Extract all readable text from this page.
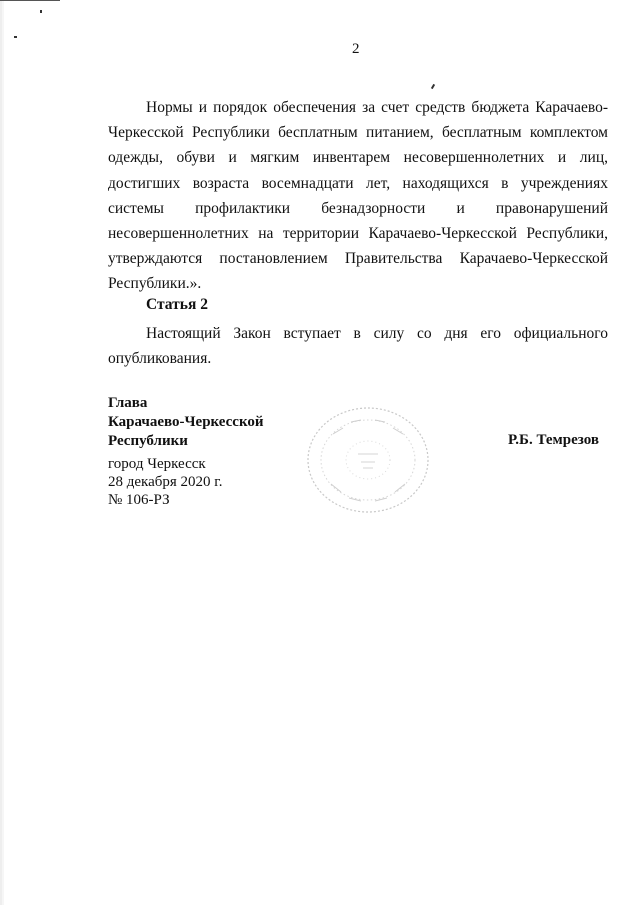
2
Нормы и порядок обеспечения за счет средств бюджета Карачаево-Черкесской Республики бесплатным питанием, бесплатным комплектом одежды, обуви и мягким инвентарем несовершеннолетних и лиц, достигших возраста восемнадцати лет, находящихся в учреждениях системы профилактики безнадзорности и правонарушений несовершеннолетних на территории Карачаево-Черкесской Республики, утверждаются постановлением Правительства Карачаево-Черкесской Республики.».
Статья 2
Настоящий Закон вступает в силу со дня его официального опубликования.
Глава
Карачаево-Черкесской
Республики	Р.Б. Темрезов
город Черкесск
28 декабря 2020 г.
№ 106-РЗ
